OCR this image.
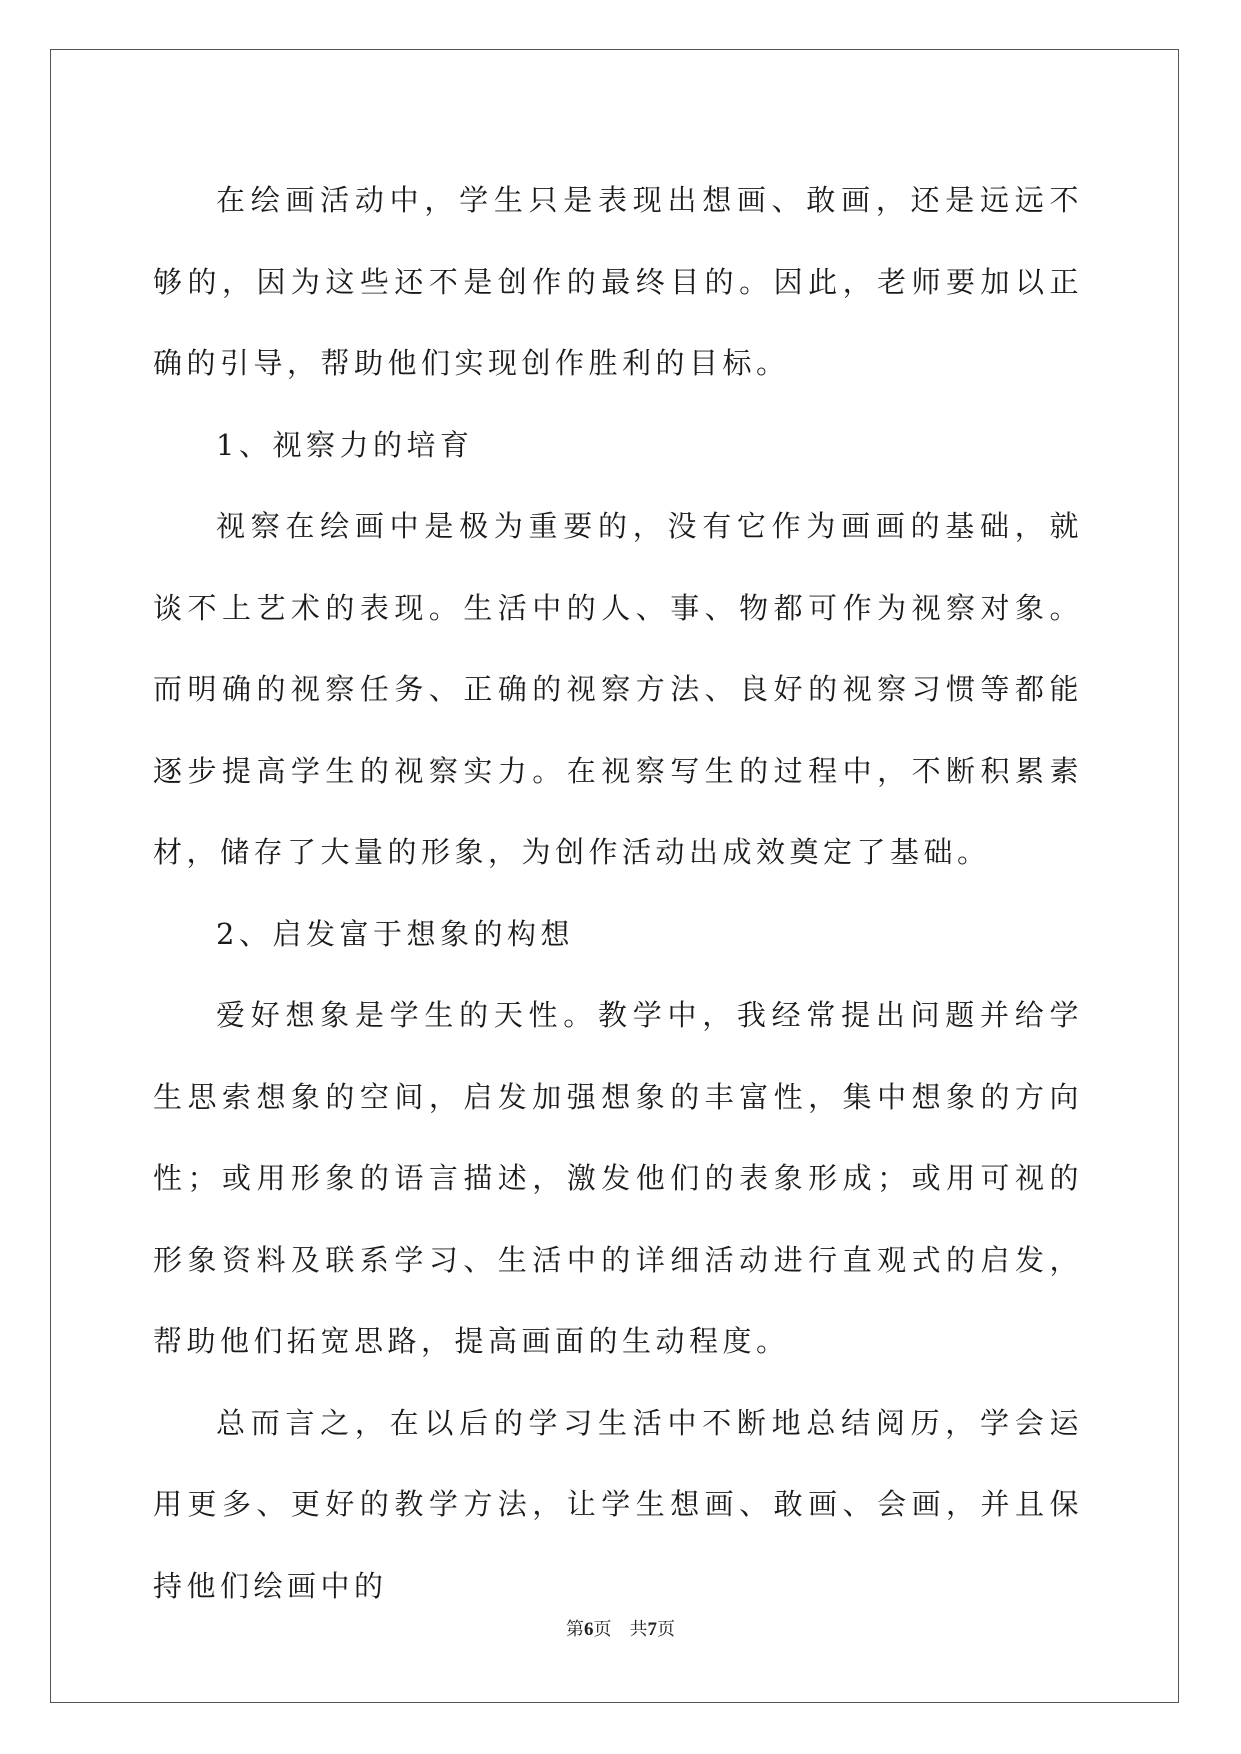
在绘画活动中，学生只是表现出想画、敢画，还是远远不够的，因为这些还不是创作的最终目的。因此，老师要加以正确的引导，帮助他们实现创作胜利的目标。

1、视察力的培育

视察在绘画中是极为重要的，没有它作为画画的基础，就谈不上艺术的表现。生活中的人、事、物都可作为视察对象。而明确的视察任务、正确的视察方法、良好的视察习惯等都能逐步提高学生的视察实力。在视察写生的过程中，不断积累素材，储存了大量的形象，为创作活动出成效奠定了基础。

2、启发富于想象的构想

爱好想象是学生的天性。教学中，我经常提出问题并给学生思索想象的空间，启发加强想象的丰富性，集中想象的方向性；或用形象的语言描述，激发他们的表象形成；或用可视的形象资料及联系学习、生活中的详细活动进行直观式的启发，帮助他们拓宽思路，提高画面的生动程度。

总而言之，在以后的学习生活中不断地总结阅历，学会运用更多、更好的教学方法，让学生想画、敢画、会画，并且保持他们绘画中的

第6页 共7页
